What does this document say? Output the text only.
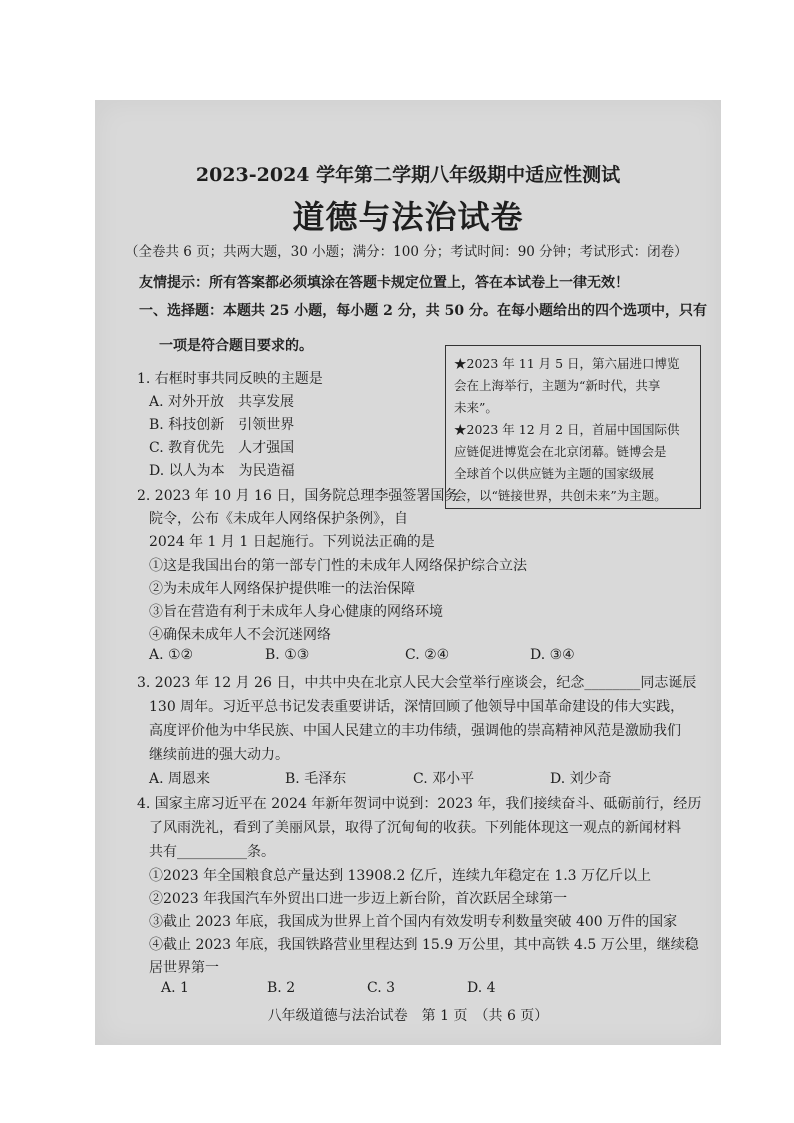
2023-2024 学年第二学期八年级期中适应性测试
道德与法治试卷
（全卷共 6 页；共两大题，30 小题；满分：100 分；考试时间：90 分钟；考试形式：闭卷）
友情提示：所有答案都必须填涂在答题卡规定位置上，答在本试卷上一律无效！
一、选择题：本题共 25 小题，每小题 2 分，共 50 分。在每小题给出的四个选项中，只有
一项是符合题目要求的。
★2023 年 11 月 5 日，第六届进口博览
会在上海举行，主题为“新时代，共享
未来”。
★2023 年 12 月 2 日，首届中国国际供
应链促进博览会在北京闭幕。链博会是
全球首个以供应链为主题的国家级展
会，以“链接世界，共创未来”为主题。
1. 右框时事共同反映的主题是
A. 对外开放　共享发展
B. 科技创新　引领世界
C. 教育优先　人才强国
D. 以人为本　为民造福
2. 2023 年 10 月 16 日，国务院总理李强签署国务
院令，公布《未成年人网络保护条例》，自
2024 年 1 月 1 日起施行。下列说法正确的是
①这是我国出台的第一部专门性的未成年人网络保护综合立法
②为未成年人网络保护提供唯一的法治保障
③旨在营造有利于未成年人身心健康的网络环境
④确保未成年人不会沉迷网络
A. ①②	B. ①③	C. ②④	D. ③④
3. 2023 年 12 月 26 日，中共中央在北京人民大会堂举行座谈会，纪念________同志诞辰
130 周年。习近平总书记发表重要讲话，深情回顾了他领导中国革命建设的伟大实践，
高度评价他为中华民族、中国人民建立的丰功伟绩，强调他的崇高精神风范是激励我们
继续前进的强大动力。
A. 周恩来	B. 毛泽东	C. 邓小平	D. 刘少奇
4. 国家主席习近平在 2024 年新年贺词中说到：2023 年，我们接续奋斗、砥砺前行，经历
了风雨洗礼，看到了美丽风景，取得了沉甸甸的收获。下列能体现这一观点的新闻材料
共有__________条。
①2023 年全国粮食总产量达到 13908.2 亿斤，连续九年稳定在 1.3 万亿斤以上
②2023 年我国汽车外贸出口进一步迈上新台阶，首次跃居全球第一
③截止 2023 年底，我国成为世界上首个国内有效发明专利数量突破 400 万件的国家
④截止 2023 年底，我国铁路营业里程达到 15.9 万公里，其中高铁 4.5 万公里，继续稳
居世界第一
A. 1	B. 2	C. 3	D. 4
八年级道德与法治试卷　第 1 页　（共 6 页）
